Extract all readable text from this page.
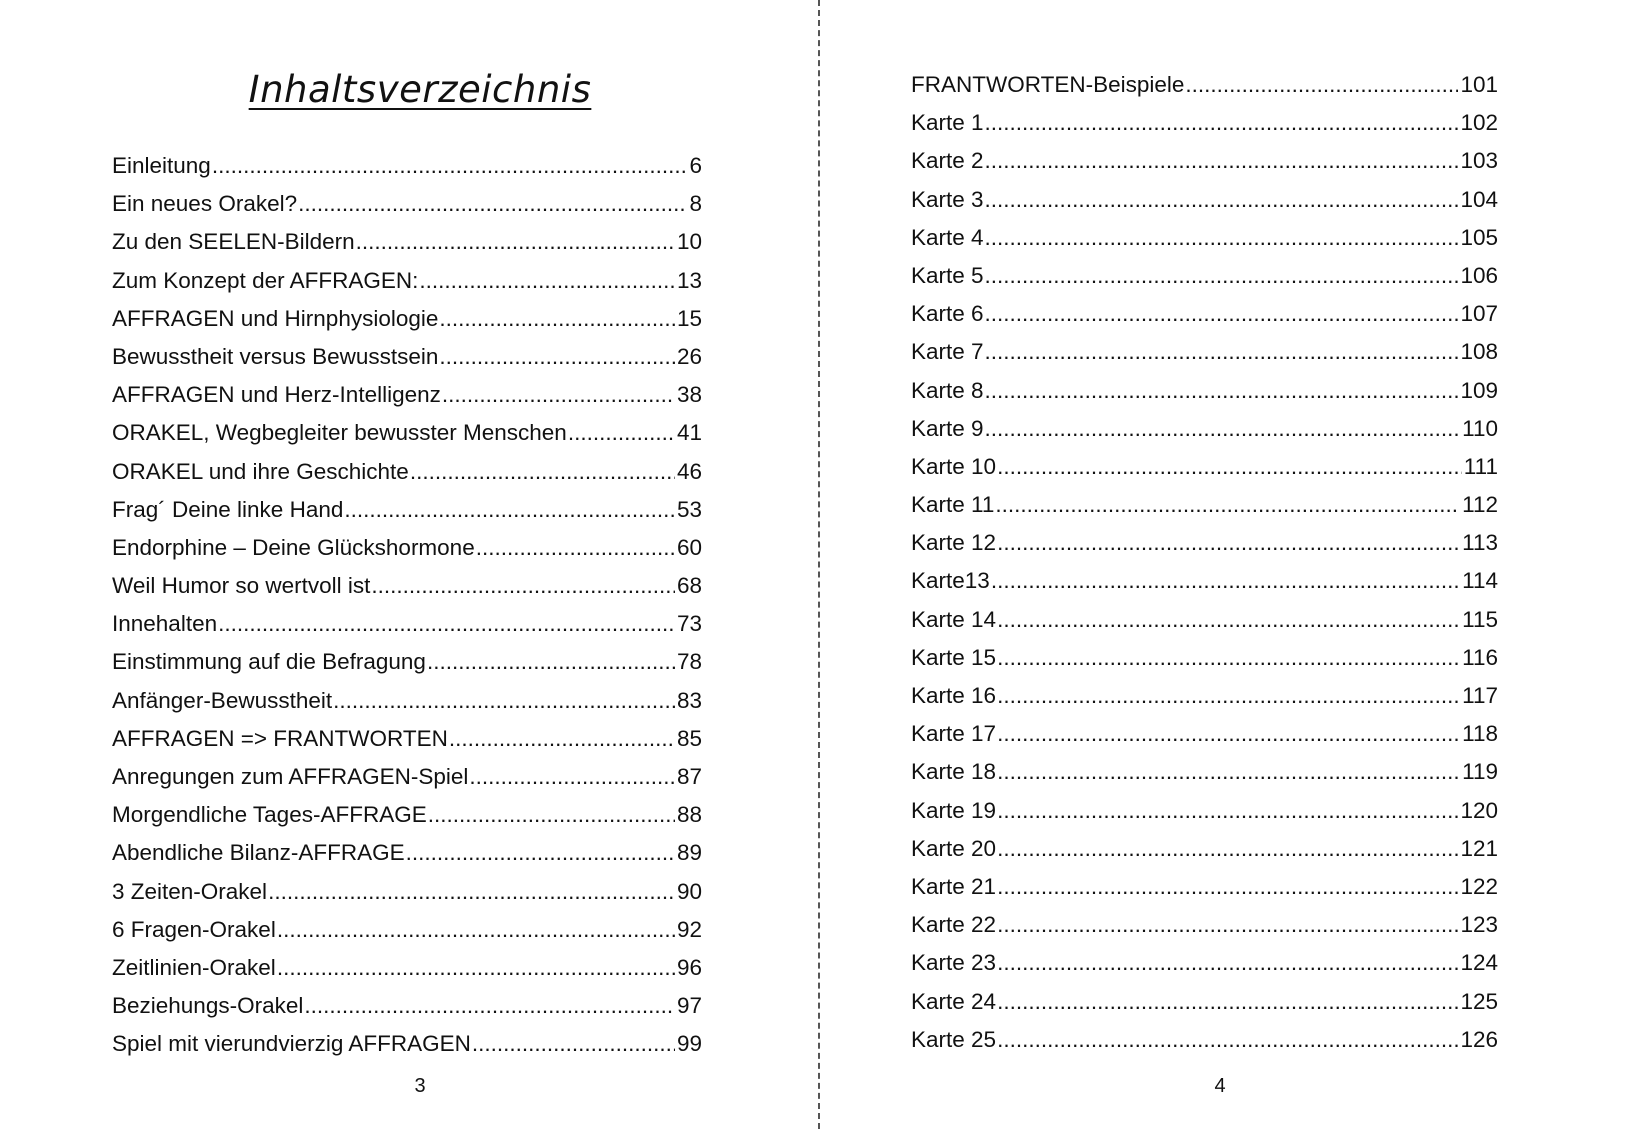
Inhaltsverzeichnis
Einleitung .....	6
Ein neues Orakel? .....	8
Zu den SEELEN-Bildern .....	10
Zum Konzept der AFFRAGEN: .....	13
AFFRAGEN und Hirnphysiologie .....	15
Bewusstheit versus Bewusstsein .....	26
AFFRAGEN und Herz-Intelligenz .....	38
ORAKEL, Wegbegleiter bewusster Menschen .....	41
ORAKEL und ihre Geschichte .....	46
Frag´ Deine linke Hand .....	53
Endorphine – Deine Glückshormone .....	60
Weil Humor so wertvoll ist .....	68
Innehalten .....	73
Einstimmung auf die Befragung .....	78
Anfänger-Bewusstheit .....	83
AFFRAGEN => FRANTWORTEN .....	85
Anregungen zum AFFRAGEN-Spiel .....	87
Morgendliche Tages-AFFRAGE .....	88
Abendliche Bilanz-AFFRAGE .....	89
3 Zeiten-Orakel .....	90
6 Fragen-Orakel .....	92
Zeitlinien-Orakel .....	96
Beziehungs-Orakel .....	97
Spiel mit vierundvierzig AFFRAGEN .....	99
3
FRANTWORTEN-Beispiele .....	101
Karte 1 .....	102
Karte 2 .....	103
Karte 3 .....	104
Karte 4 .....	105
Karte 5 .....	106
Karte 6 .....	107
Karte 7 .....	108
Karte 8 .....	109
Karte 9 .....	110
Karte 10 .....	111
Karte 11 .....	112
Karte 12 .....	113
Karte13 .....	114
Karte 14 .....	115
Karte 15 .....	116
Karte 16 .....	117
Karte 17 .....	118
Karte 18 .....	119
Karte 19 .....	120
Karte 20 .....	121
Karte 21 .....	122
Karte 22 .....	123
Karte 23 .....	124
Karte 24 .....	125
Karte 25 .....	126
4
